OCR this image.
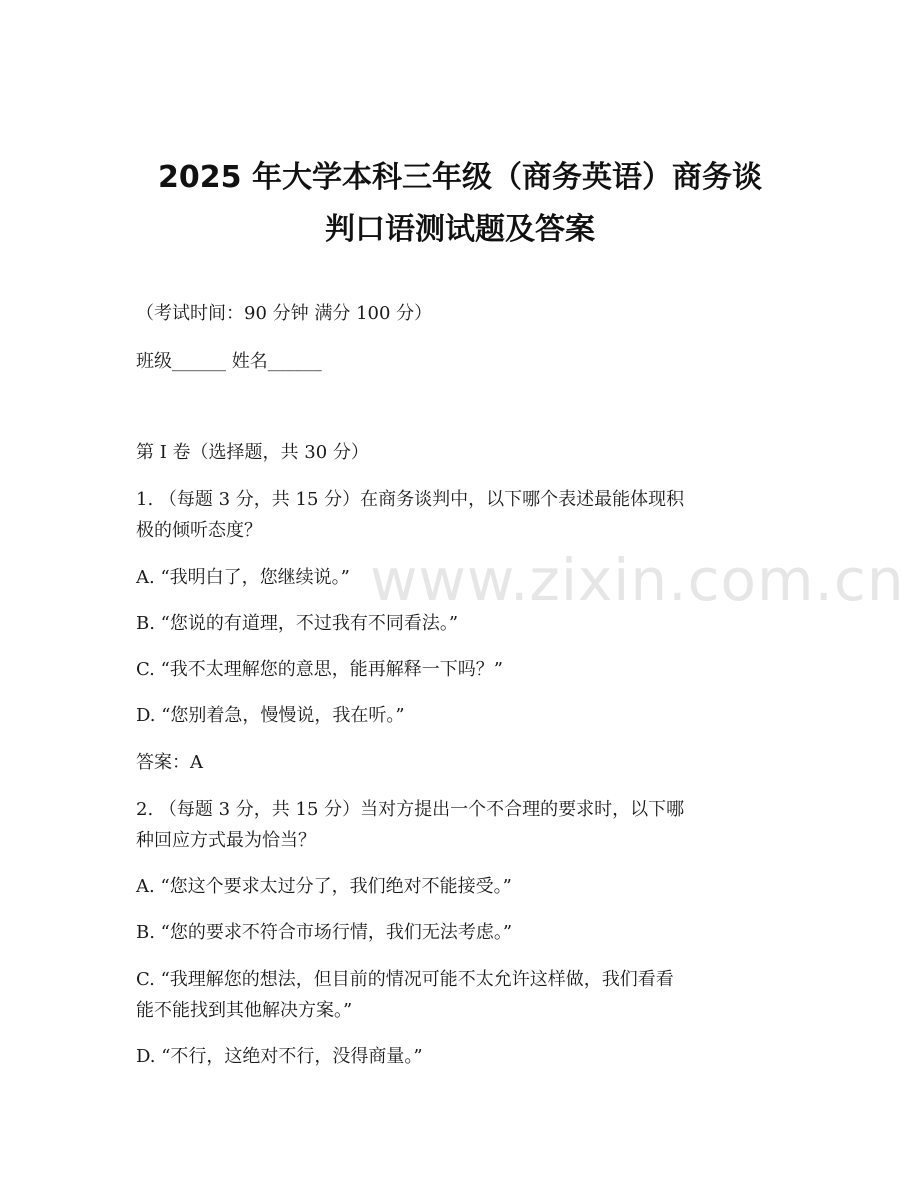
www.zixin.com.cn
2025 年大学本科三年级（商务英语）商务谈
判口语测试题及答案
（考试时间：90 分钟 满分 100 分）
班级______ 姓名______
第 I 卷（选择题，共 30 分）
1. （每题 3 分，共 15 分）在商务谈判中，以下哪个表述最能体现积
极的倾听态度？
A. “我明白了，您继续说。”
B. “您说的有道理，不过我有不同看法。”
C. “我不太理解您的意思，能再解释一下吗？”
D. “您别着急，慢慢说，我在听。”
答案：A
2. （每题 3 分，共 15 分）当对方提出一个不合理的要求时，以下哪
种回应方式最为恰当？
A. “您这个要求太过分了，我们绝对不能接受。”
B. “您的要求不符合市场行情，我们无法考虑。”
C. “我理解您的想法，但目前的情况可能不太允许这样做，我们看看
能不能找到其他解决方案。”
D. “不行，这绝对不行，没得商量。”
